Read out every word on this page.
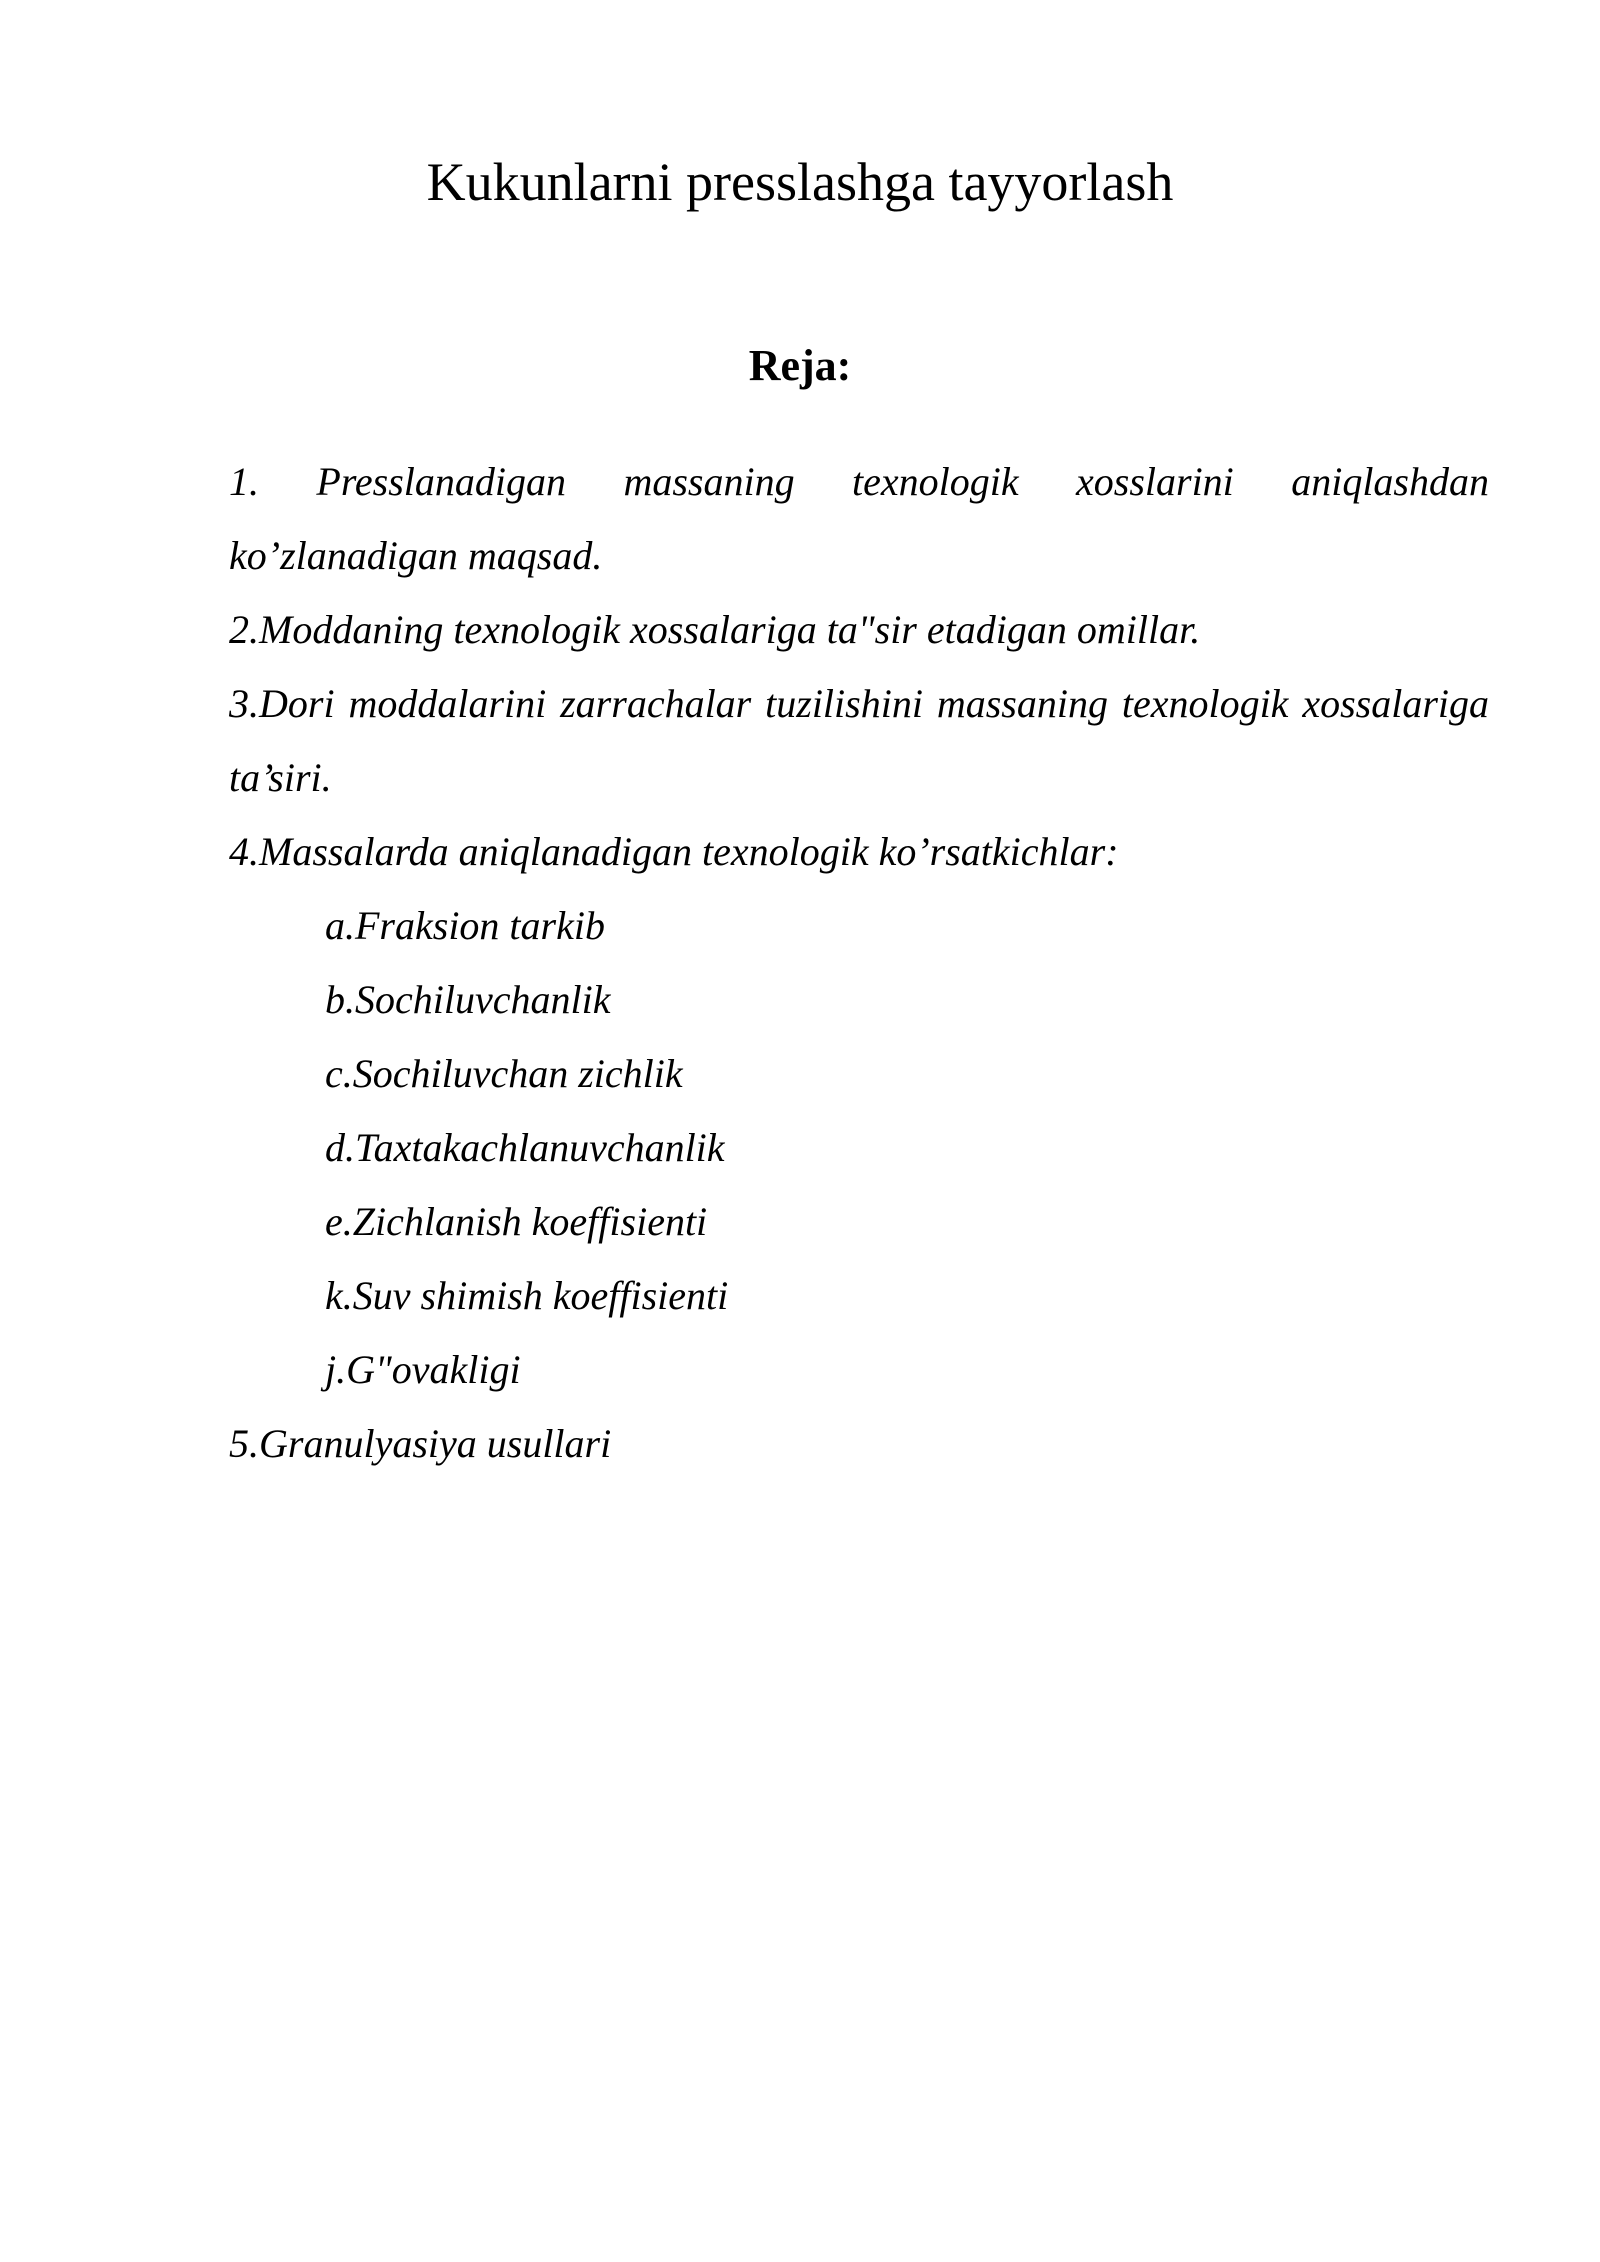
Kukunlarni presslashga tayyorlash
Reja:

1. Presslanadigan massaning texnologik xosslarini aniqlashdan ko’zlanadigan maqsad.

2.Moddaning texnologik xossalariga ta"sir etadigan omillar.

3.Dori moddalarini zarrachalar tuzilishini massaning texnologik xossalariga ta’siri.

4.Massalarda aniqlanadigan texnologik ko’rsatkichlar:

a.Fraksion tarkib

b.Sochiluvchanlik

c.Sochiluvchan zichlik

d.Taxtakachlanuvchanlik

e.Zichlanish koeffisienti

k.Suv shimish koeffisienti

j.G"ovakligi

5.Granulyasiya usullari
